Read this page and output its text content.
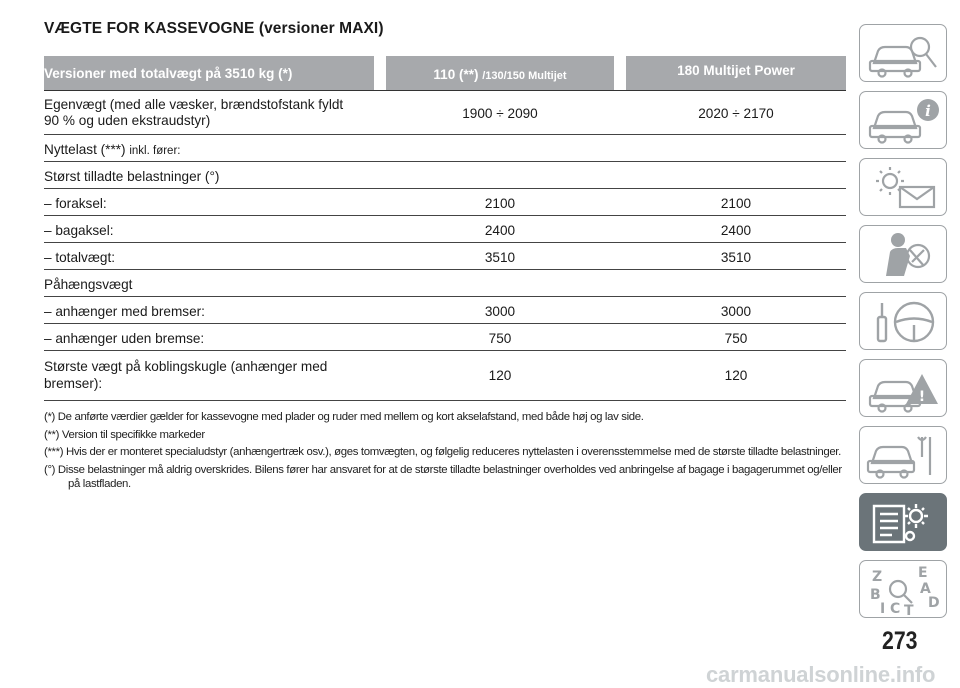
VÆGTE FOR KASSEVOGNE (versioner MAXI)
Versioner med totalvægt på 3510 kg (*)	110 (**) /130/150 Multijet	180 Multijet Power
Egenvægt (med alle væsker, brændstofstank fyldt
90 % og uden ekstraudstyr)	1900 ÷ 2090	2020 ÷ 2170
Nyttelast (***) inkl. fører:
Størst tilladte belastninger (°)
– foraksel:	2100	2100
– bagaksel:	2400	2400
– totalvægt:	3510	3510
Påhængsvægt
– anhænger med bremser:	3000	3000
– anhænger uden bremse:	750	750
Største vægt på koblingskugle (anhænger med
bremser):
120	120
(*) De anførte værdier gælder for kassevogne med plader og ruder med mellem og kort akselafstand, med både høj og lav side.
(**) Version til specifikke markeder
(***) Hvis der er monteret specialudstyr (anhængertræk osv.), øges tomvægten, og følgelig reduceres nyttelasten i overensstemmelse med de største tilladte belastninger.
(°) Disse belastninger må aldrig overskrides. Bilens fører har ansvaret for at de største tilladte belastninger overholdes ved anbringelse af bagage i bagagerummet og/eller på lastfladen.
i
!
Z	E
A
B	D
I C T
273
carmanualsonline.info
